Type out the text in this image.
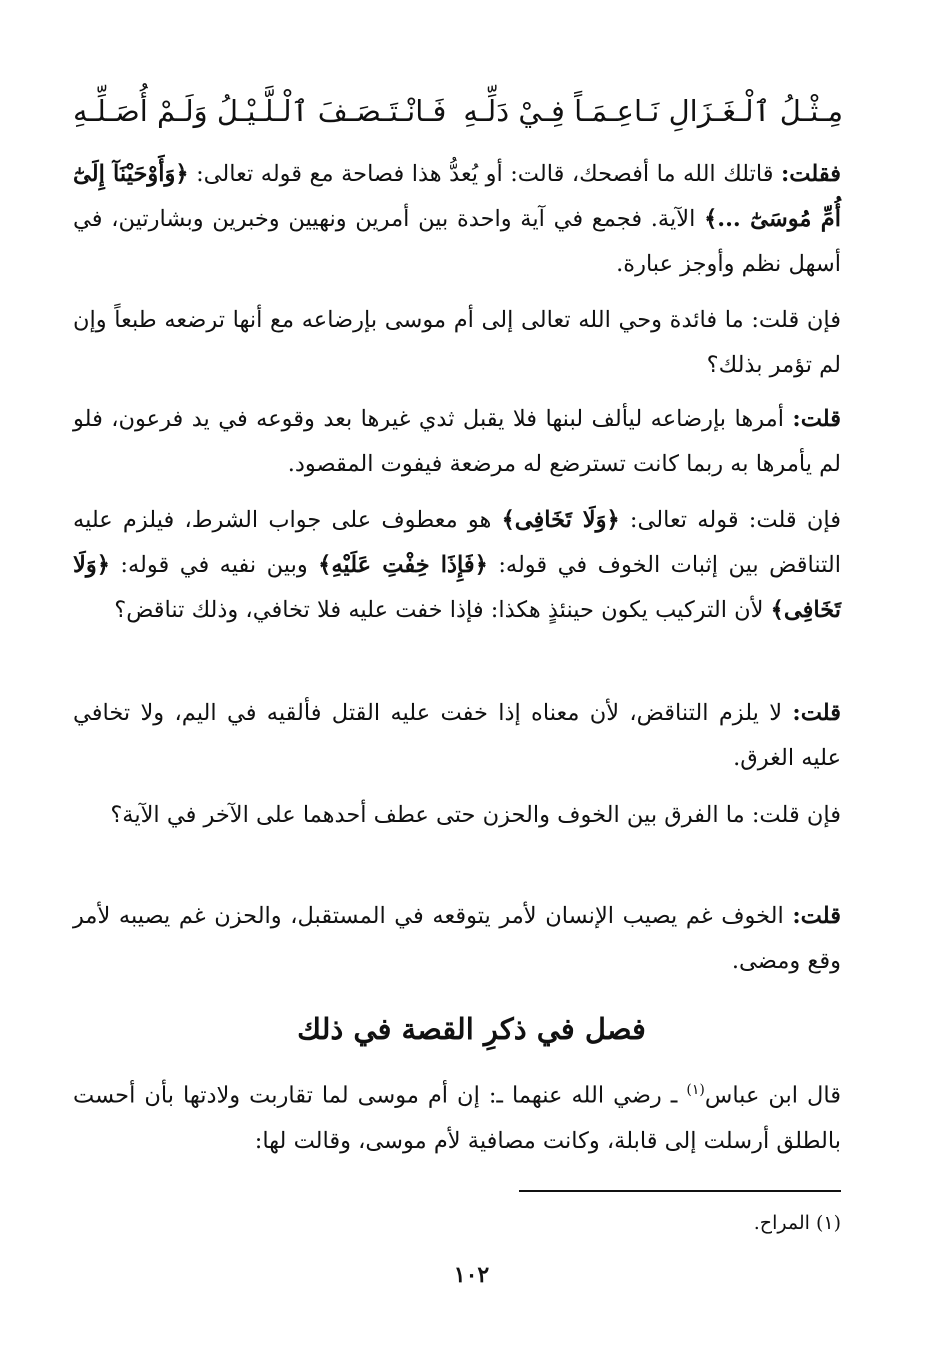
مِـثْـلُ ٱلْـغَـزَالِ نَـاعِـمَـاً فِـيْ دَلِّـهِ
فَـانْـتَـصَـفَ ٱلْـلَّـيْـلُ وَلَـمْ أُصَـلِّـهِ
فقلت: قاتلك الله ما أفصحك، قالت: أو يُعدُّ هذا فصاحة مع قوله تعالى: ﴿وَأَوْحَيْنَآ إِلَىٰٓ أُمِّ مُوسَىٰٓ ...﴾ الآية. فجمع في آية واحدة بين أمرين ونهيين وخبرين وبشارتين، في أسهل نظم وأوجز عبارة.
فإن قلت: ما فائدة وحي الله تعالى إلى أم موسى بإرضاعه مع أنها ترضعه طبعاً وإن لم تؤمر بذلك؟
قلت: أمرها بإرضاعه ليألف لبنها فلا يقبل ثدي غيرها بعد وقوعه في يد فرعون، فلو لم يأمرها به ربما كانت تسترضع له مرضعة فيفوت المقصود.
فإن قلت: قوله تعالى: ﴿وَلَا تَخَافِى﴾ هو معطوف على جواب الشرط، فيلزم عليه التناقض بين إثبات الخوف في قوله: ﴿فَإِذَا خِفْتِ عَلَيْهِ﴾ وبين نفيه في قوله: ﴿وَلَا تَخَافِى﴾ لأن التركيب يكون حينئذٍ هكذا: فإذا خفت عليه فلا تخافي، وذلك تناقض؟
قلت: لا يلزم التناقض، لأن معناه إذا خفت عليه القتل فألقيه في اليم، ولا تخافي عليه الغرق.
فإن قلت: ما الفرق بين الخوف والحزن حتى عطف أحدهما على الآخر في الآية؟
قلت: الخوف غم يصيب الإنسان لأمر يتوقعه في المستقبل، والحزن غم يصيبه لأمر وقع ومضى.
فصل في ذكرِ القصة في ذلك
قال ابن عباس$^{(١)}$ ـ رضي الله عنهما ـ: إن أم موسى لما تقاربت ولادتها بأن أحست بالطلق أرسلت إلى قابلة، وكانت مصافية لأم موسى، وقالت لها:
(١) المراح.
١٠٢
